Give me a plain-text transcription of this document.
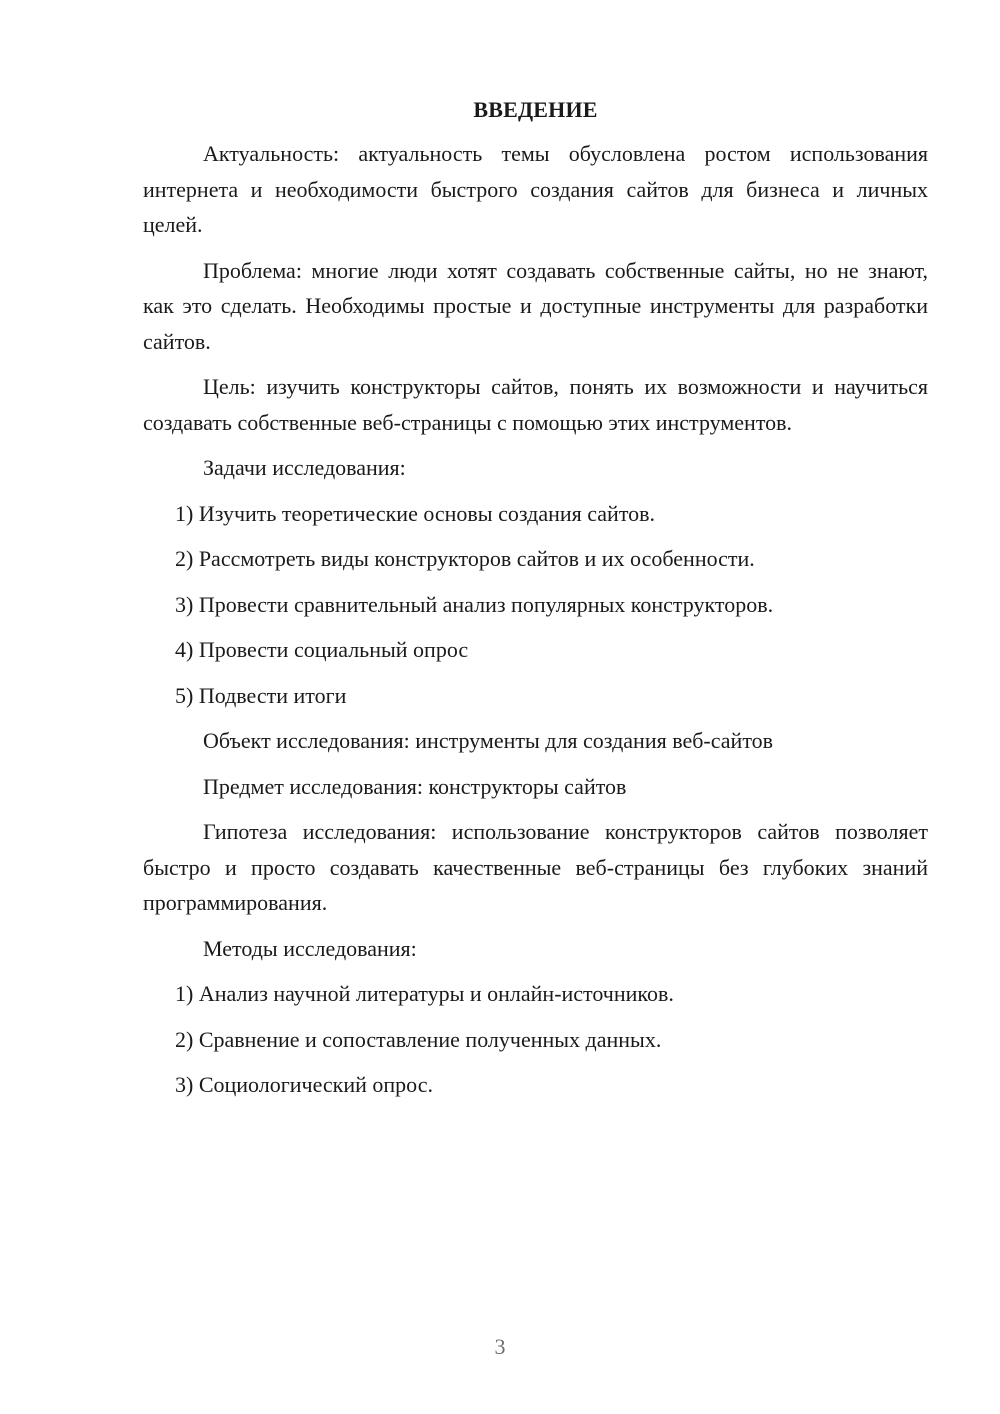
ВВЕДЕНИЕ

Актуальность: актуальность темы обусловлена ростом использования интернета и необходимости быстрого создания сайтов для бизнеса и личных целей.

Проблема: многие люди хотят создавать собственные сайты, но не знают, как это сделать. Необходимы простые и доступные инструменты для разработки сайтов.

Цель: изучить конструкторы сайтов, понять их возможности и научиться создавать собственные веб-страницы с помощью этих инструментов.

Задачи исследования:
1) Изучить теоретические основы создания сайтов.
2) Рассмотреть виды конструкторов сайтов и их особенности.
3) Провести сравнительный анализ популярных конструкторов.
4) Провести социальный опрос
5) Подвести итоги
Объект исследования: инструменты для создания веб-сайтов
Предмет исследования: конструкторы сайтов

Гипотеза исследования: использование конструкторов сайтов позволяет быстро и просто создавать качественные веб-страницы без глубоких знаний программирования.

Методы исследования:
1) Анализ научной литературы и онлайн-источников.
2) Сравнение и сопоставление полученных данных.
3) Социологический опрос.
3
